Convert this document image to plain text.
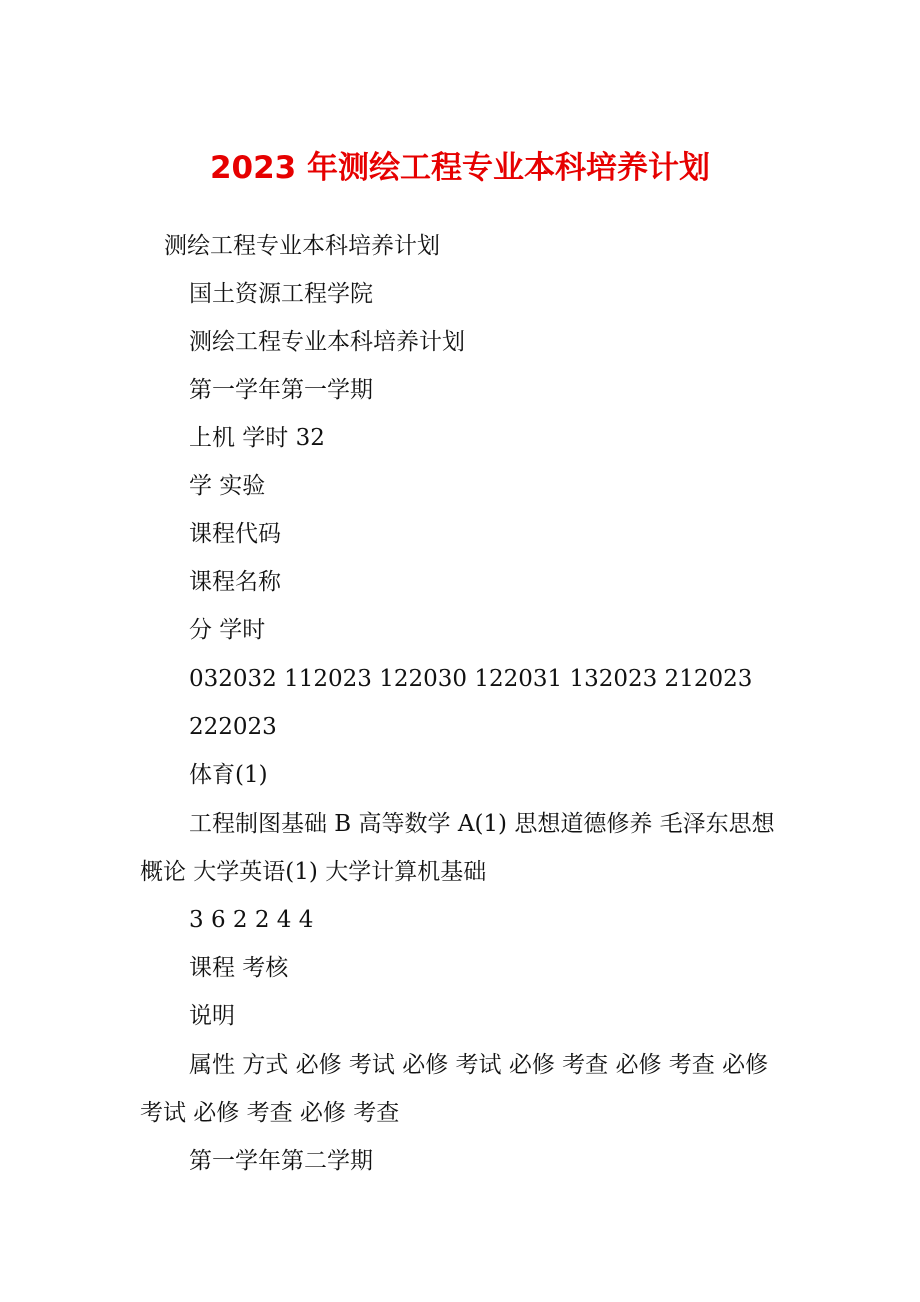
2023 年测绘工程专业本科培养计划

测绘工程专业本科培养计划

国土资源工程学院

测绘工程专业本科培养计划

第一学年第一学期

上机 学时 32

学 实验

课程代码

课程名称

分 学时

032032 112023 122030 122031 132023 212023

222023

体育(1)

工程制图基础 B 高等数学 A(1) 思想道德修养 毛泽东思想概论 大学英语(1) 大学计算机基础

3 6 2 2 4 4

课程 考核

说明

属性 方式 必修 考试 必修 考试 必修 考查 必修 考查 必修 考试 必修 考查 必修 考查

第一学年第二学期
